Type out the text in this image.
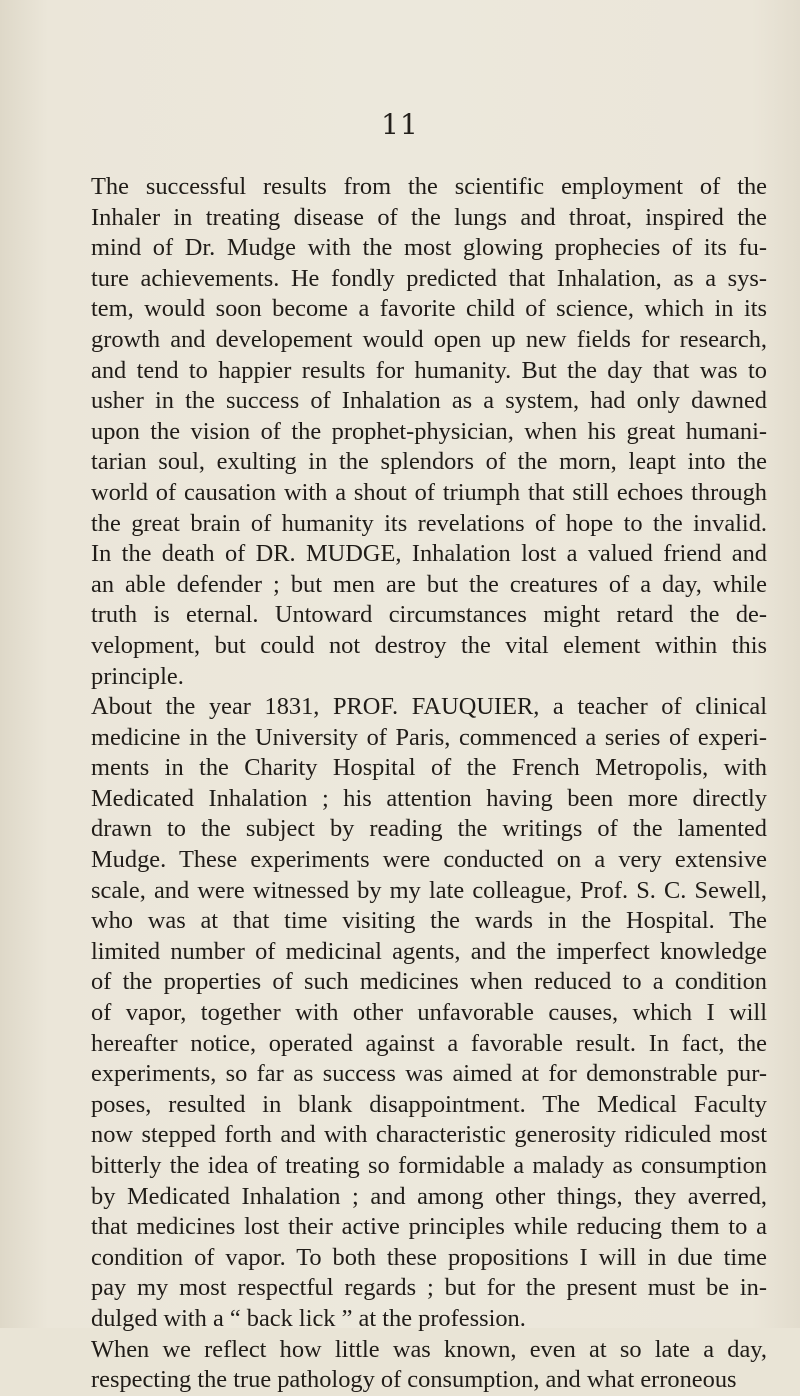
11

The successful results from the scientific employment of the
Inhaler in treating disease of the lungs and throat, inspired the
mind of Dr. Mudge with the most glowing prophecies of its fu-
ture achievements. He fondly predicted that Inhalation, as a sys-
tem, would soon become a favorite child of science, which in its
growth and developement would open up new fields for research,
and tend to happier results for humanity. But the day that was to
usher in the success of Inhalation as a system, had only dawned
upon the vision of the prophet-physician, when his great humani-
tarian soul, exulting in the splendors of the morn, leapt into the
world of causation with a shout of triumph that still echoes through
the great brain of humanity its revelations of hope to the invalid.
In the death of DR. MUDGE, Inhalation lost a valued friend and
an able defender ; but men are but the creatures of a day, while
truth is eternal. Untoward circumstances might retard the de-
velopment, but could not destroy the vital element within this
principle.

About the year 1831, PROF. FAUQUIER, a teacher of clinical
medicine in the University of Paris, commenced a series of experi-
ments in the Charity Hospital of the French Metropolis, with
Medicated Inhalation ; his attention having been more directly
drawn to the subject by reading the writings of the lamented
Mudge. These experiments were conducted on a very extensive
scale, and were witnessed by my late colleague, Prof. S. C. Sewell,
who was at that time visiting the wards in the Hospital. The
limited number of medicinal agents, and the imperfect knowledge
of the properties of such medicines when reduced to a condition
of vapor, together with other unfavorable causes, which I will
hereafter notice, operated against a favorable result. In fact, the
experiments, so far as success was aimed at for demonstrable pur-
poses, resulted in blank disappointment. The Medical Faculty
now stepped forth and with characteristic generosity ridiculed most
bitterly the idea of treating so formidable a malady as consumption
by Medicated Inhalation ; and among other things, they averred,
that medicines lost their active principles while reducing them to a
condition of vapor. To both these propositions I will in due time
pay my most respectful regards ; but for the present must be in-
dulged with a “ back lick ” at the profession.

When we reflect how little was known, even at so late a day,
respecting the true pathology of consumption, and what erroneous
